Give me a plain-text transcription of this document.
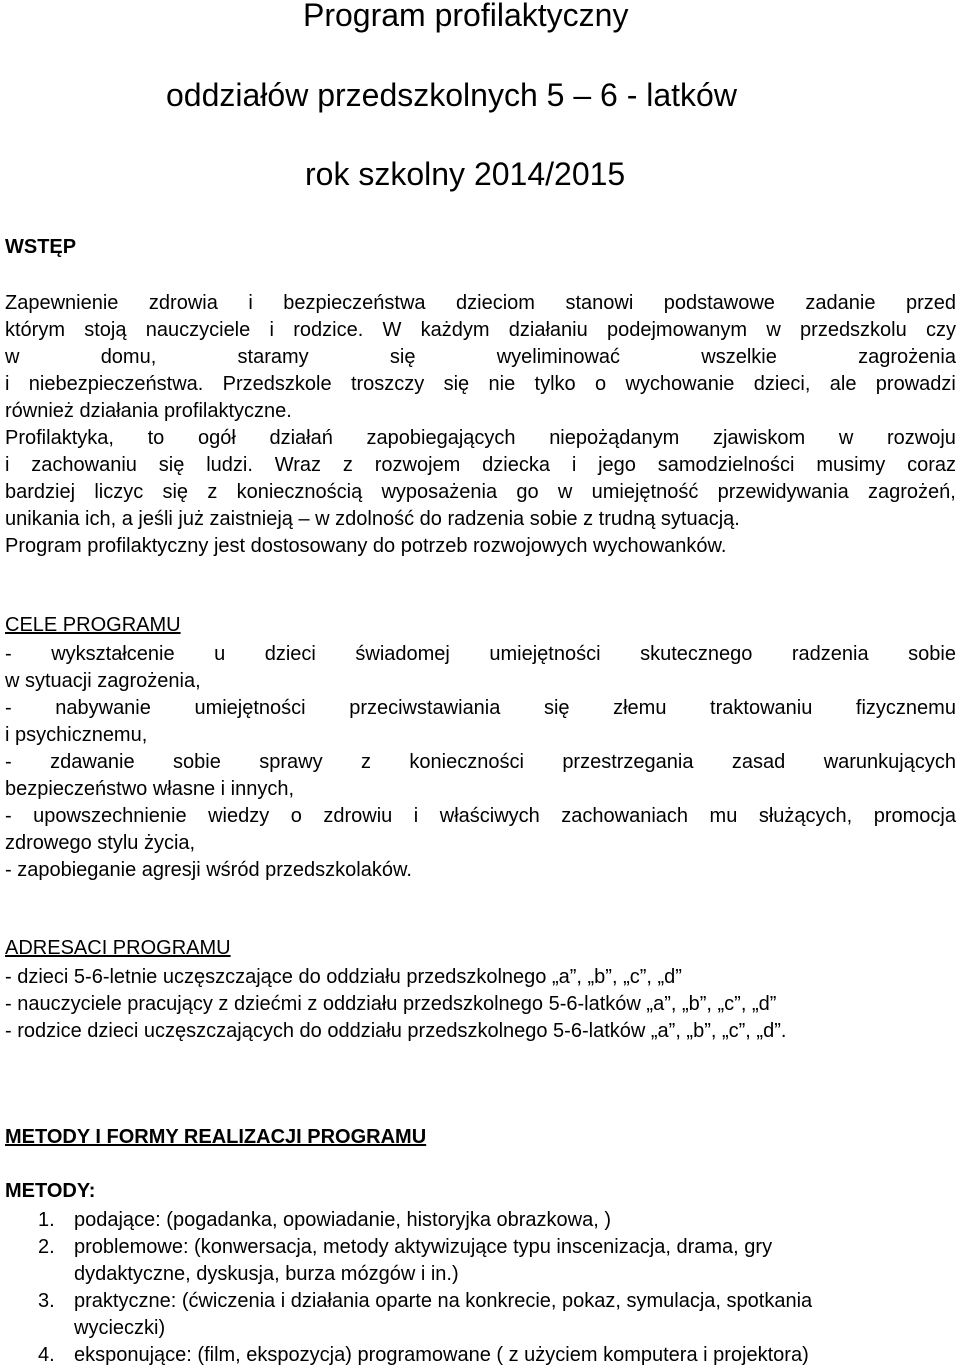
Program profilaktyczny
oddziałów przedszkolnych 5 – 6 - latków
rok szkolny 2014/2015
WSTĘP
Zapewnienie zdrowia i bezpieczeństwa dzieciom stanowi podstawowe zadanie przed
którym stoją nauczyciele i rodzice. W każdym działaniu podejmowanym w przedszkolu czy
w	domu,	staramy	się	wyeliminować	wszelkie	zagrożenia
i niebezpieczeństwa. Przedszkole troszczy się nie tylko o wychowanie dzieci, ale prowadzi
również działania profilaktyczne.
Profilaktyka, to ogół działań zapobiegających niepożądanym zjawiskom w rozwoju
i zachowaniu się ludzi. Wraz z rozwojem dziecka i jego samodzielności musimy coraz
bardziej liczyc się z koniecznością wyposażenia go w umiejętność przewidywania zagrożeń,
unikania ich, a jeśli już zaistnieją – w zdolność do radzenia sobie z trudną sytuacją.
Program profilaktyczny jest dostosowany do potrzeb rozwojowych wychowanków.
CELE PROGRAMU
- wykształcenie u dzieci świadomej umiejętności skutecznego radzenia sobie
w sytuacji zagrożenia,
- nabywanie umiejętności przeciwstawiania się złemu traktowaniu fizycznemu
i psychicznemu,
- zdawanie sobie sprawy z konieczności przestrzegania zasad warunkujących
bezpieczeństwo własne i innych,
- upowszechnienie wiedzy o zdrowiu i właściwych zachowaniach mu służących, promocja
zdrowego stylu życia,
- zapobieganie agresji wśród przedszkolaków.
ADRESACI PROGRAMU
- dzieci 5-6-letnie uczęszczające do oddziału przedszkolnego „a”, „b”, „c”, „d”
- nauczyciele pracujący z dziećmi z oddziału przedszkolnego 5-6-latków „a”, „b”, „c”, „d”
- rodzice dzieci uczęszczających do oddziału przedszkolnego 5-6-latków „a”, „b”, „c”, „d”.
METODY I FORMY REALIZACJI PROGRAMU
METODY:
1. podające: (pogadanka, opowiadanie, historyjka obrazkowa, )
2. problemowe: (konwersacja, metody aktywizujące typu inscenizacja, drama, gry
dydaktyczne, dyskusja, burza mózgów i in.)
3. praktyczne: (ćwiczenia i działania oparte na konkrecie, pokaz, symulacja, spotkania
wycieczki)
4. eksponujące: (film, ekspozycja) programowane ( z użyciem komputera i projektora)
